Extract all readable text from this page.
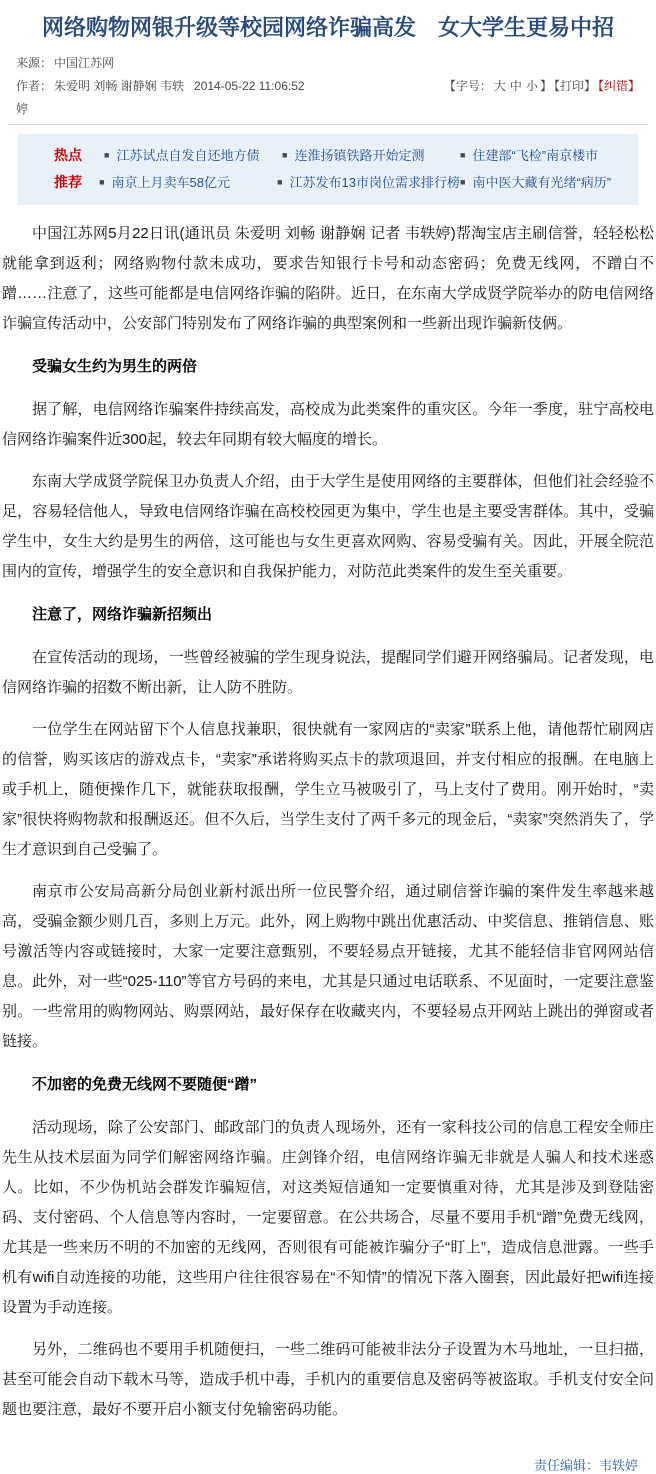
网络购物网银升级等校园网络诈骗高发　女大学生更易中招
来源： 中国江苏网
作者： 朱爱明 刘畅 谢静娴 韦轶 2014-05-22 11:06:52	【字号： 大 中 小 】 【打印】 【纠错】
婷
热点	■ 江苏试点自发自还地方债	■ 连淮扬镇铁路开始定测	■ 住建部“飞检”南京楼市
推荐	■ 南京上月卖车58亿元	■ 江苏发布13市岗位需求排行榜 ■ 南中医大藏有光绪“病历”

中国江苏网5月22日讯(通讯员 朱爱明 刘畅 谢静娴 记者 韦轶婷)帮淘宝店主刷信誉，轻轻松松就能拿到返利；网络购物付款未成功，要求告知银行卡号和动态密码；免费无线网，不蹭白不蹭……注意了，这些可能都是电信网络诈骗的陷阱。近日，在东南大学成贤学院举办的防电信网络诈骗宣传活动中，公安部门特别发布了网络诈骗的典型案例和一些新出现诈骗新伎俩。

受骗女生约为男生的两倍

据了解，电信网络诈骗案件持续高发，高校成为此类案件的重灾区。今年一季度，驻宁高校电信网络诈骗案件近300起，较去年同期有较大幅度的增长。

东南大学成贤学院保卫办负责人介绍，由于大学生是使用网络的主要群体，但他们社会经验不足，容易轻信他人，导致电信网络诈骗在高校校园更为集中，学生也是主要受害群体。其中，受骗学生中，女生大约是男生的两倍，这可能也与女生更喜欢网购、容易受骗有关。因此，开展全院范围内的宣传，增强学生的安全意识和自我保护能力，对防范此类案件的发生至关重要。

注意了，网络诈骗新招频出

在宣传活动的现场，一些曾经被骗的学生现身说法，提醒同学们避开网络骗局。记者发现，电信网络诈骗的招数不断出新，让人防不胜防。

一位学生在网站留下个人信息找兼职，很快就有一家网店的“卖家”联系上他，请他帮忙刷网店的信誉，购买该店的游戏点卡，“卖家”承诺将购买点卡的款项退回，并支付相应的报酬。在电脑上或手机上，随便操作几下，就能获取报酬，学生立马被吸引了，马上支付了费用。刚开始时，“卖家”很快将购物款和报酬返还。但不久后，当学生支付了两千多元的现金后，“卖家”突然消失了，学生才意识到自己受骗了。

南京市公安局高新分局创业新村派出所一位民警介绍，通过刷信誉诈骗的案件发生率越来越高，受骗金额少则几百，多则上万元。此外，网上购物中跳出优惠活动、中奖信息、推销信息、账号激活等内容或链接时，大家一定要注意甄别，不要轻易点开链接，尤其不能轻信非官网网站信息。此外，对一些“025-110”等官方号码的来电，尤其是只通过电话联系、不见面时，一定要注意鉴别。一些常用的购物网站、购票网站，最好保存在收藏夹内，不要轻易点开网站上跳出的弹窗或者链接。

不加密的免费无线网不要随便“蹭”

活动现场，除了公安部门、邮政部门的负责人现场外，还有一家科技公司的信息工程安全师庄先生从技术层面为同学们解密网络诈骗。庄剑锋介绍，电信网络诈骗无非就是人骗人和技术迷惑人。比如，不少伪机站会群发诈骗短信，对这类短信通知一定要慎重对待，尤其是涉及到登陆密码、支付密码、个人信息等内容时，一定要留意。在公共场合，尽量不要用手机“蹭”免费无线网，尤其是一些来历不明的不加密的无线网，否则很有可能被诈骗分子“盯上”，造成信息泄露。一些手机有wifi自动连接的功能，这些用户往往很容易在“不知情”的情况下落入圈套，因此最好把wifi连接设置为手动连接。

另外，二维码也不要用手机随便扫，一些二维码可能被非法分子设置为木马地址，一旦扫描，甚至可能会自动下载木马等，造成手机中毒，手机内的重要信息及密码等被盗取。手机支付安全问题也要注意，最好不要开启小额支付免输密码功能。

责任编辑：韦轶婷
